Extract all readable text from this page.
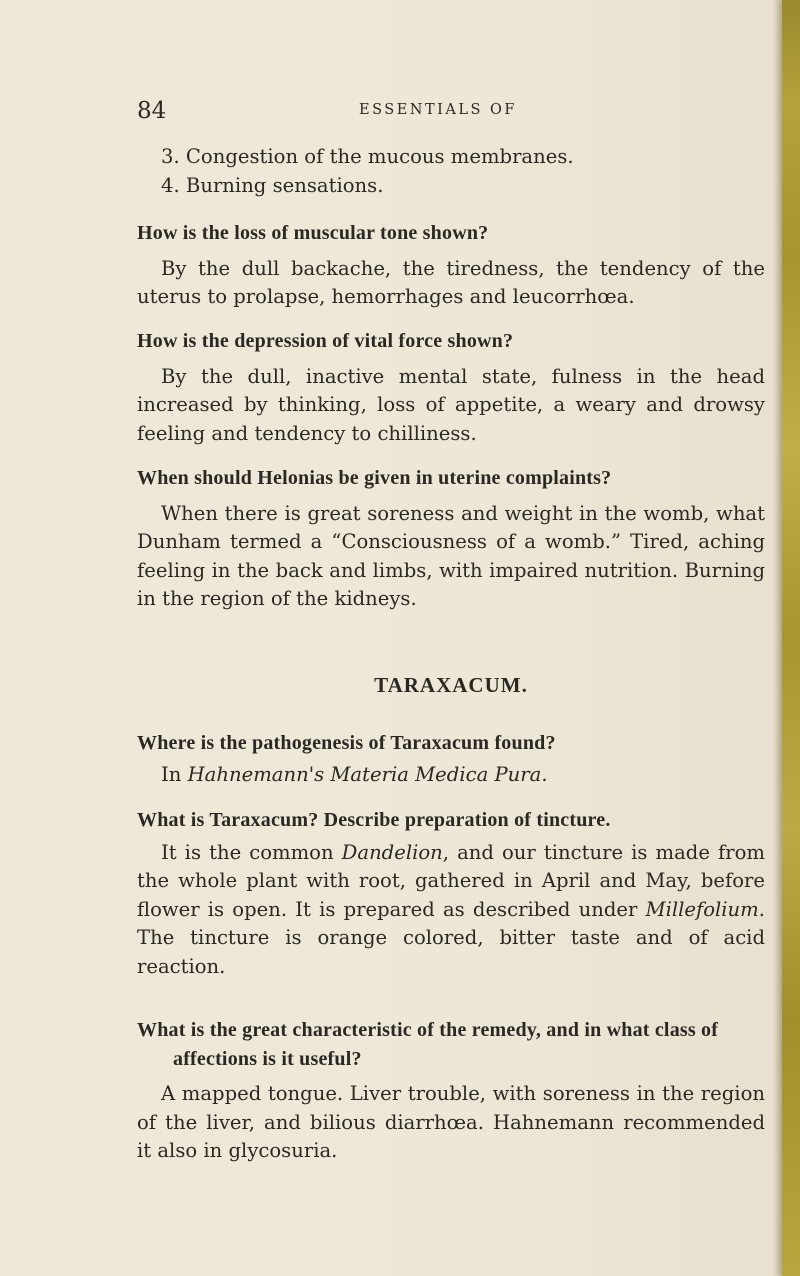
84	ESSENTIALS OF
3. Congestion of the mucous membranes.
4. Burning sensations.
How is the loss of muscular tone shown?
By the dull backache, the tiredness, the tendency of the uterus to prolapse, hemorrhages and leucorrhœa.
How is the depression of vital force shown?
By the dull, inactive mental state, fulness in the head increased by thinking, loss of appetite, a weary and drowsy feeling and tendency to chilliness.
When should Helonias be given in uterine complaints?
When there is great soreness and weight in the womb, what Dunham termed a “Consciousness of a womb.” Tired, aching feeling in the back and limbs, with impaired nutrition. Burning in the region of the kidneys.
TARAXACUM.
Where is the pathogenesis of Taraxacum found?
In Hahnemann's Materia Medica Pura.
What is Taraxacum? Describe preparation of tincture.
It is the common Dandelion, and our tincture is made from the whole plant with root, gathered in April and May, before flower is open. It is prepared as described under Millefolium. The tincture is orange colored, bitter taste and of acid reaction.
What is the great characteristic of the remedy, and in what class of affections is it useful?
A mapped tongue. Liver trouble, with soreness in the region of the liver, and bilious diarrhœa. Hahnemann recommended it also in glycosuria.
